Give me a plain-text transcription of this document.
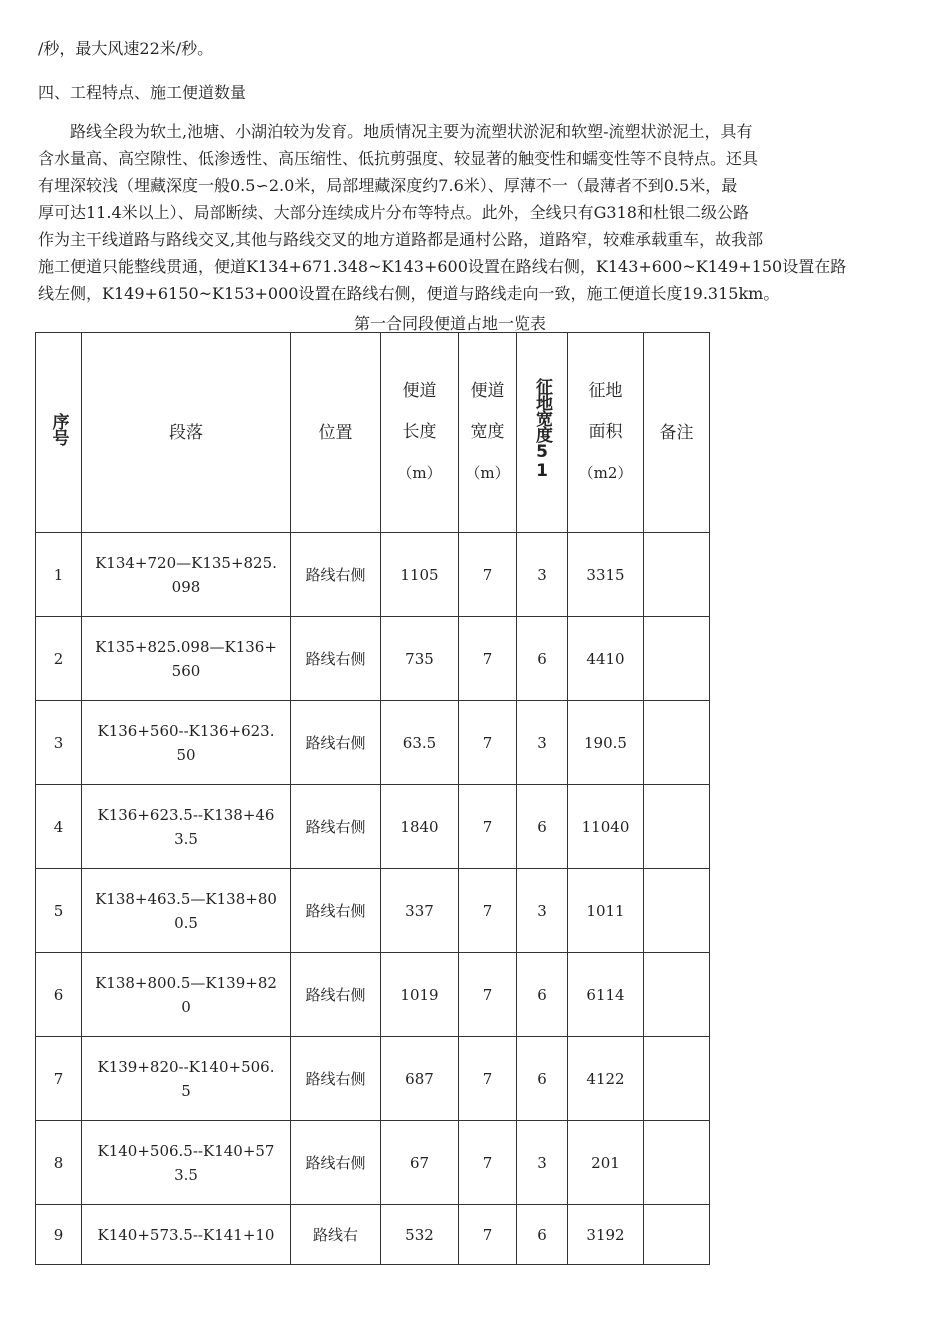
/秒，最大风速22米/秒。
四、工程特点、施工便道数量
　　路线全段为软土,池塘、小湖泊较为发育。地质情况主要为流塑状淤泥和软塑-流塑状淤泥土，具有
含水量高、高空隙性、低渗透性、高压缩性、低抗剪强度、较显著的触变性和蠕变性等不良特点。还具
有埋深较浅（埋藏深度一般0.5∽2.0米，局部埋藏深度约7.6米）、厚薄不一（最薄者不到0.5米，最
厚可达11.4米以上）、局部断续、大部分连续成片分布等特点。此外，全线只有G318和杜银二级公路
作为主干线道路与路线交叉,其他与路线交叉的地方道路都是通村公路，道路窄，较难承载重车，故我部
施工便道只能整线贯通，便道K134+671.348~K143+600设置在路线右侧，K143+600~K149+150设置在路
线左侧，K149+6150~K153+000设置在路线右侧，便道与路线走向一致，施工便道长度19.315km。
第一合同段便道占地一览表
序号	段落	位置	便道
长度
（m）	便道
宽度
（m）	征地宽度51	征地
面积
（m2）	备注
1	K134+720—K135+825.
098	路线右侧	1105	7	3	3315	
2	K135+825.098—K136+
560	路线右侧	735	7	6	4410	
3	K136+560--K136+623.
50	路线右侧	63.5	7	3	190.5	
4	K136+623.5--K138+46
3.5	路线右侧	1840	7	6	11040	
5	K138+463.5—K138+80
0.5	路线右侧	337	7	3	1011	
6	K138+800.5—K139+82
0	路线右侧	1019	7	6	6114	
7	K139+820--K140+506.
5	路线右侧	687	7	6	4122	
8	K140+506.5--K140+57
3.5	路线右侧	67	7	3	201	
9	K140+573.5--K141+10	路线右	532	7	6	3192	
